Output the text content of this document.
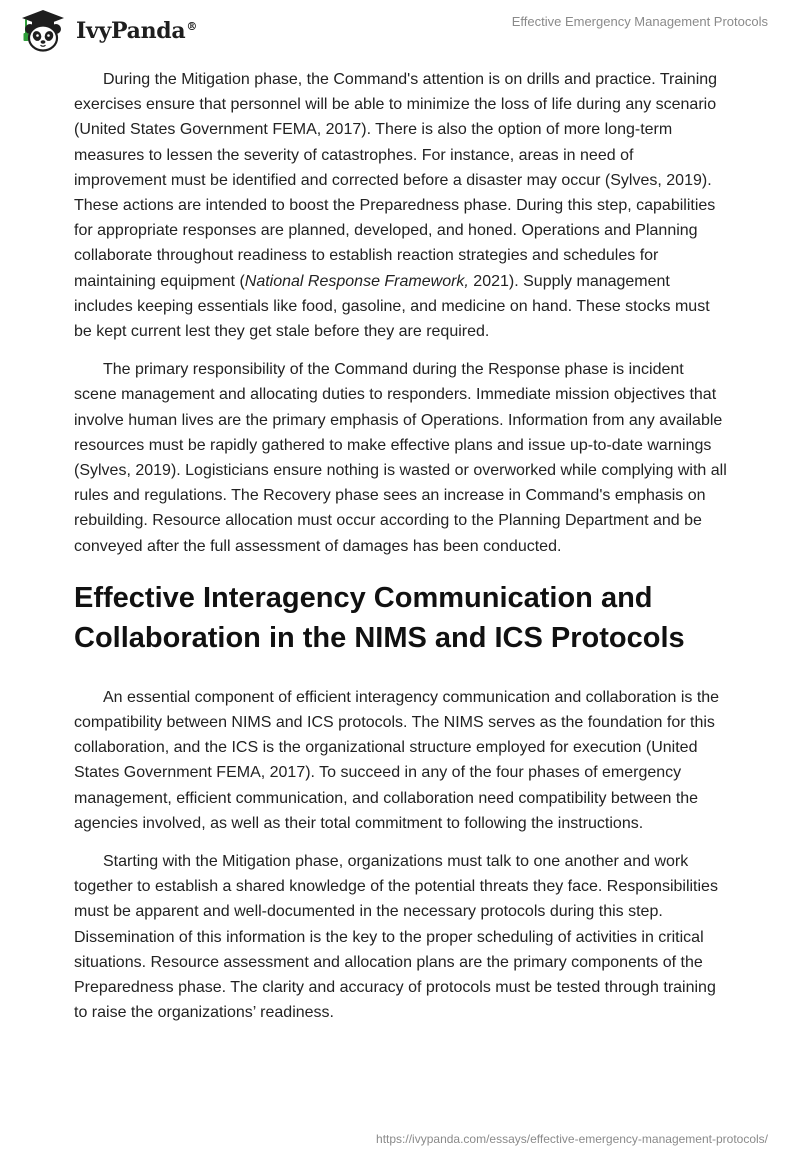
IvyPanda®	Effective Emergency Management Protocols

During the Mitigation phase, the Command's attention is on drills and practice. Training exercises ensure that personnel will be able to minimize the loss of life during any scenario (United States Government FEMA, 2017). There is also the option of more long-term measures to lessen the severity of catastrophes. For instance, areas in need of improvement must be identified and corrected before a disaster may occur (Sylves, 2019). These actions are intended to boost the Preparedness phase. During this step, capabilities for appropriate responses are planned, developed, and honed. Operations and Planning collaborate throughout readiness to establish reaction strategies and schedules for maintaining equipment (National Response Framework, 2021). Supply management includes keeping essentials like food, gasoline, and medicine on hand. These stocks must be kept current lest they get stale before they are required.

The primary responsibility of the Command during the Response phase is incident scene management and allocating duties to responders. Immediate mission objectives that involve human lives are the primary emphasis of Operations. Information from any available resources must be rapidly gathered to make effective plans and issue up-to-date warnings (Sylves, 2019). Logisticians ensure nothing is wasted or overworked while complying with all rules and regulations. The Recovery phase sees an increase in Command's emphasis on rebuilding. Resource allocation must occur according to the Planning Department and be conveyed after the full assessment of damages has been conducted.

Effective Interagency Communication and Collaboration in the NIMS and ICS Protocols

An essential component of efficient interagency communication and collaboration is the compatibility between NIMS and ICS protocols. The NIMS serves as the foundation for this collaboration, and the ICS is the organizational structure employed for execution (United States Government FEMA, 2017). To succeed in any of the four phases of emergency management, efficient communication, and collaboration need compatibility between the agencies involved, as well as their total commitment to following the instructions.

Starting with the Mitigation phase, organizations must talk to one another and work together to establish a shared knowledge of the potential threats they face. Responsibilities must be apparent and well-documented in the necessary protocols during this step. Dissemination of this information is the key to the proper scheduling of activities in critical situations. Resource assessment and allocation plans are the primary components of the Preparedness phase. The clarity and accuracy of protocols must be tested through training to raise the organizations’ readiness.

https://ivypanda.com/essays/effective-emergency-management-protocols/
